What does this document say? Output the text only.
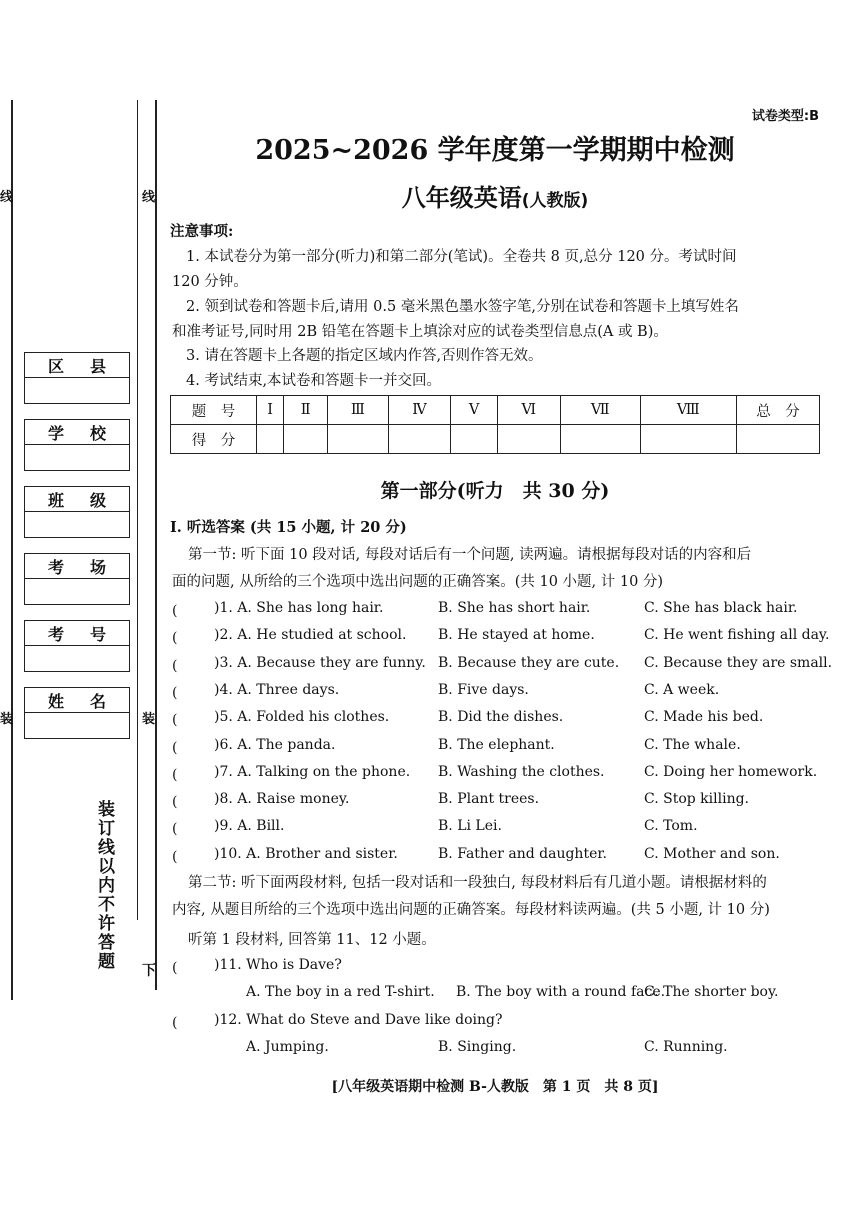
线	线
装	装
区 县
学 校
班 级
考 场
考 号
姓 名
装订线以内不许答题 下
试卷类型:B
2025~2026 学年度第一学期期中检测
八年级英语(人教版)
注意事项:
1. 本试卷分为第一部分(听力)和第二部分(笔试)。全卷共 8 页,总分 120 分。考试时间
120 分钟。
2. 领到试卷和答题卡后,请用 0.5 毫米黑色墨水签字笔,分别在试卷和答题卡上填写姓名
和准考证号,同时用 2B 铅笔在答题卡上填涂对应的试卷类型信息点(A 或 B)。
3. 请在答题卡上各题的指定区域内作答,否则作答无效。
4. 考试结束,本试卷和答题卡一并交回。
题　号	Ⅰ	Ⅱ	Ⅲ	Ⅳ	Ⅴ	Ⅵ	Ⅶ	Ⅷ	总　分
得　分									
第一部分(听力　共 30 分)
Ⅰ. 听选答案 (共 15 小题, 计 20 分)
第一节: 听下面 10 段对话, 每段对话后有一个问题, 读两遍。请根据每段对话的内容和后
面的问题, 从所给的三个选项中选出问题的正确答案。(共 10 小题, 计 10 分)
(　　 )1. A. She has long hair.	B. She has short hair.	C. She has black hair.
(　　 )2. A. He studied at school. B. He stayed at home.	C. He went fishing all day.
(　　 )3. A. Because they are funny. B. Because they are cute. C. Because they are small.
(　　 )4. A. Three days.	B. Five days.	C. A week.
(　　 )5. A. Folded his clothes.	B. Did the dishes.	C. Made his bed.
(　　 )6. A. The panda.	B. The elephant.	C. The whale.
(　　 )7. A. Talking on the phone. B. Washing the clothes.	C. Doing her homework.
(　　 )8. A. Raise money.	B. Plant trees.	C. Stop killing.
(　　 )9. A. Bill.	B. Li Lei.	C. Tom.
(　　 )10. A. Brother and sister.	B. Father and daughter.	C. Mother and son.
第二节: 听下面两段材料, 包括一段对话和一段独白, 每段材料后有几道小题。请根据材料的
内容, 从题目所给的三个选项中选出问题的正确答案。每段材料读两遍。(共 5 小题, 计 10 分)
听第 1 段材料, 回答第 11、12 小题。
(　　 )11. Who is Dave?
A. The boy in a red T-shirt. B. The boy with a round face.
C. The shorter boy.
(　　 )12. What do Steve and Dave like doing?
A. Jumping.	B. Singing.	C. Running.
[八年级英语期中检测 B-人教版　第 1 页　共 8 页]
